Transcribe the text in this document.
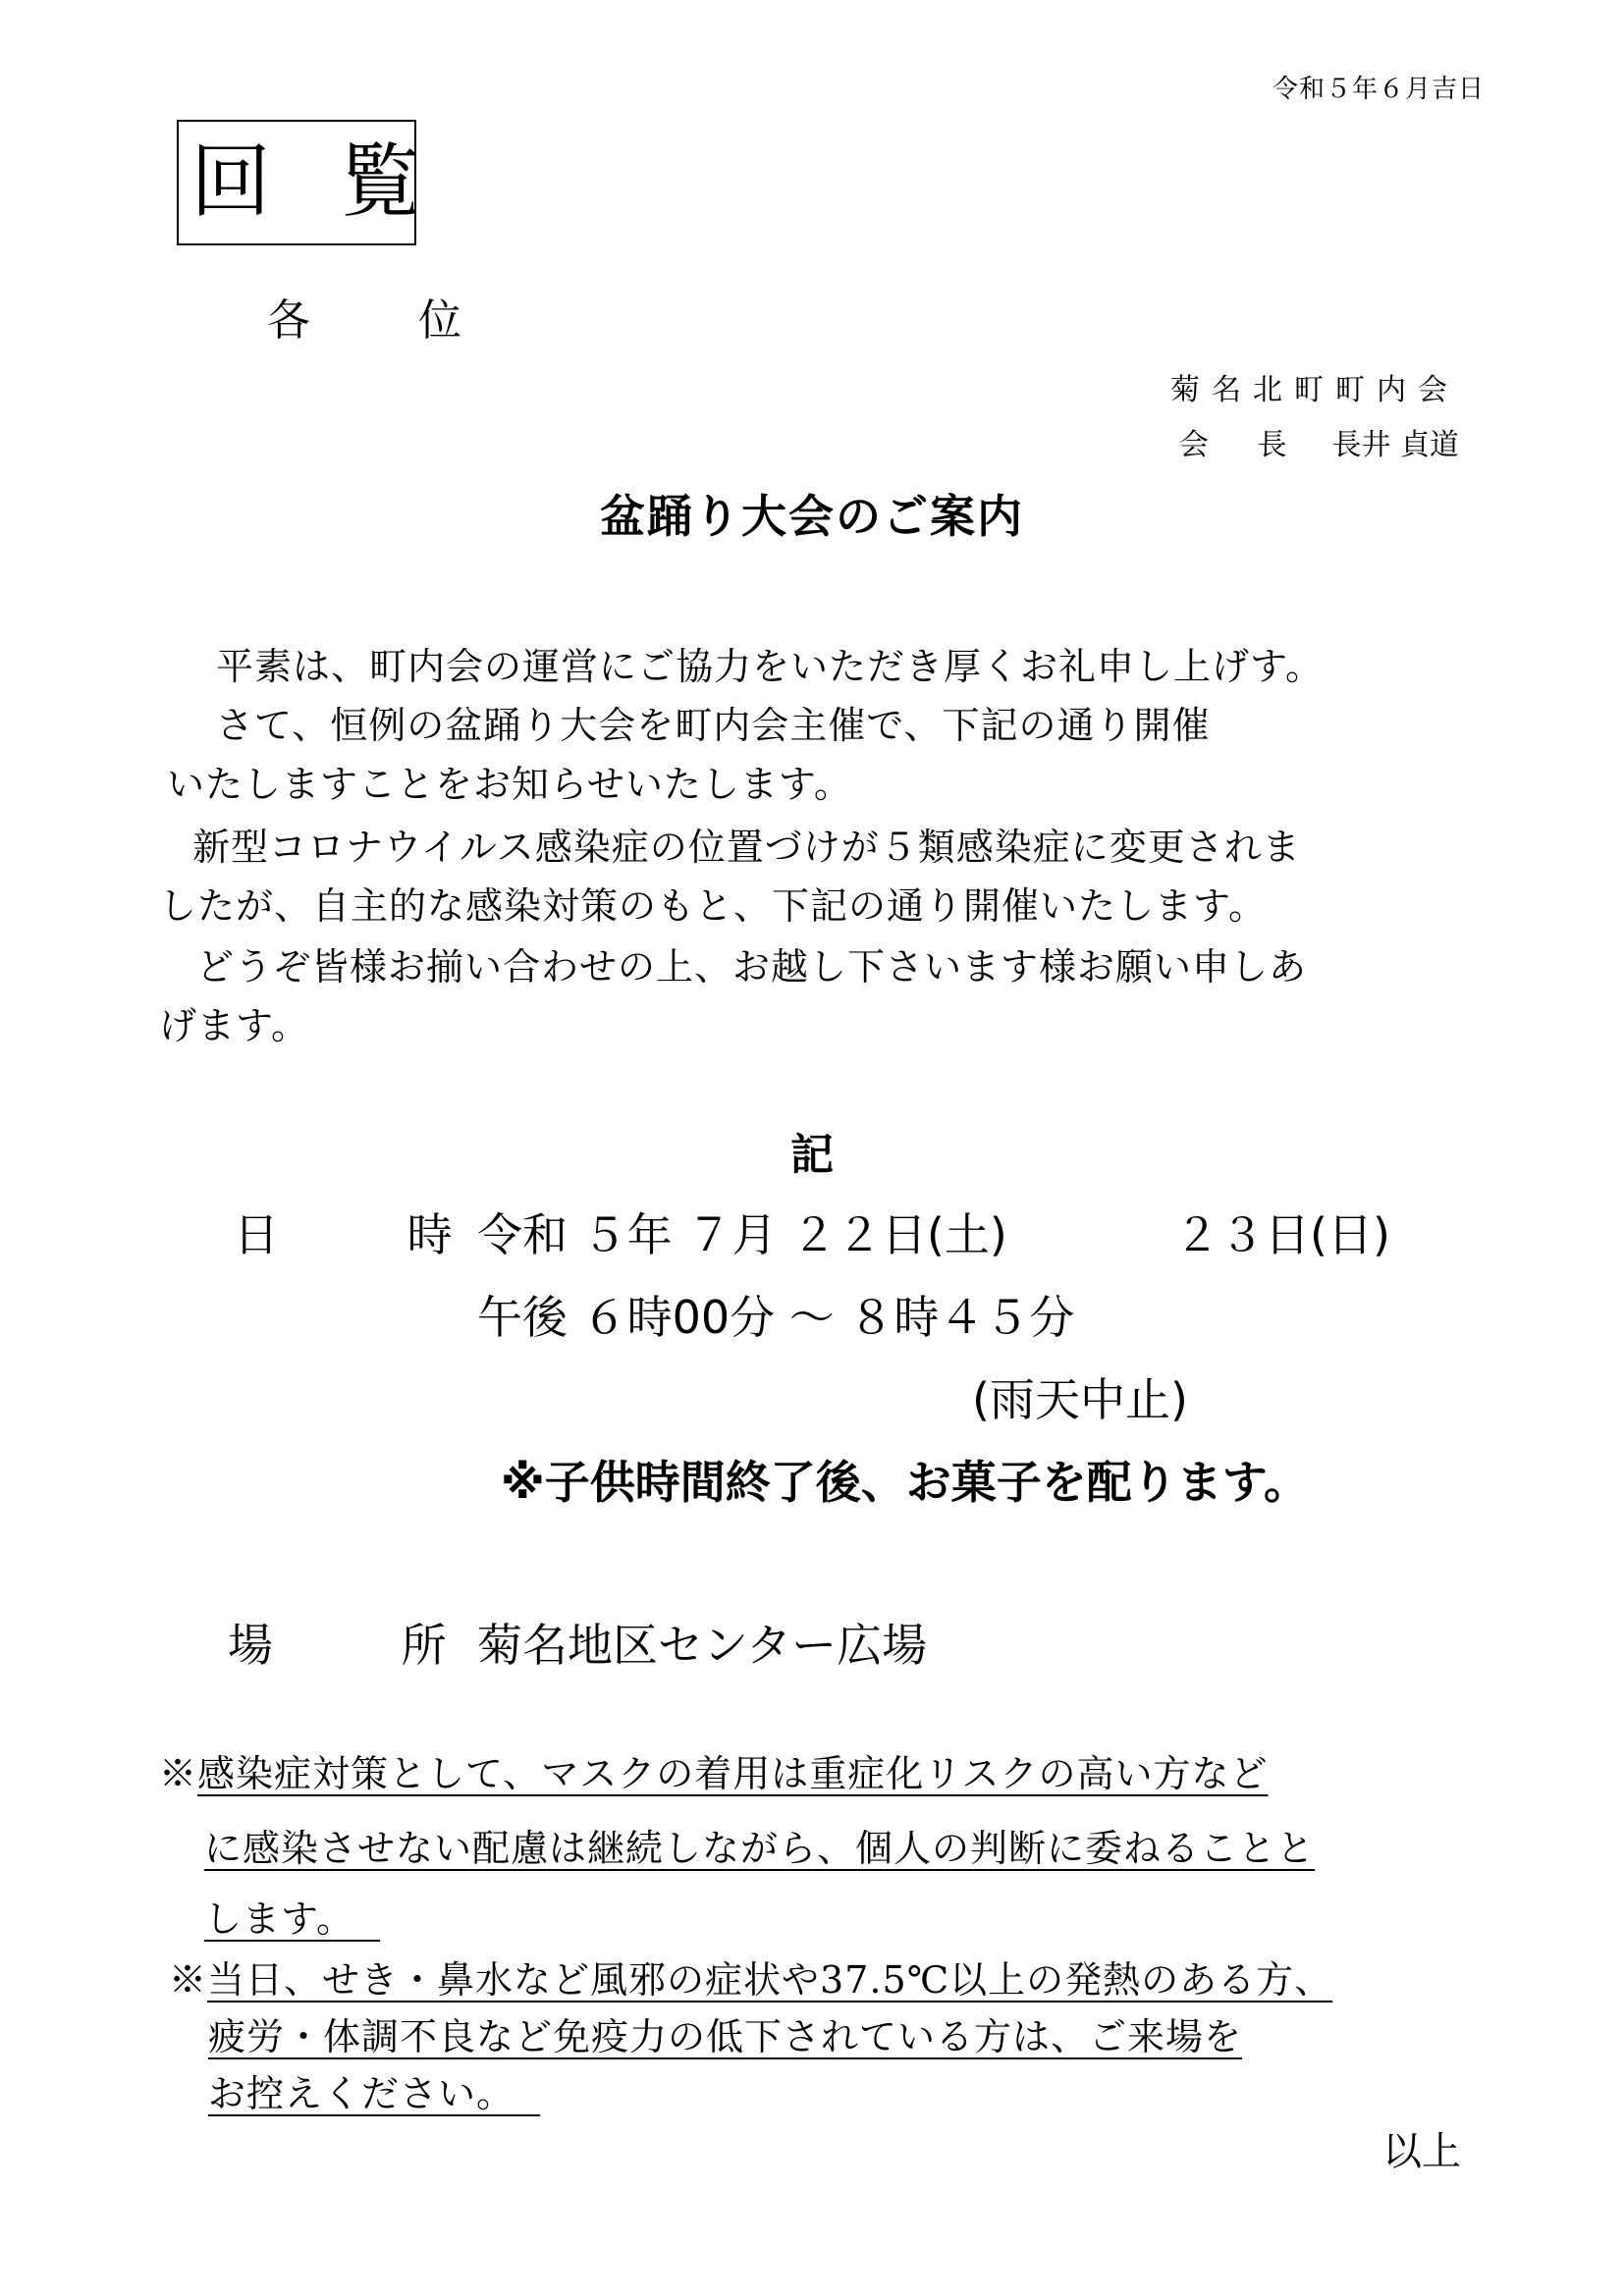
令和５年６月吉日
回 覧
各 位
菊名北町町内会
会 長 長井 貞道
盆踊り大会のご案内
平素は、町内会の運営にご協力をいただき厚くお礼申し上げす。
さて、恒例の盆踊り大会を町内会主催で、下記の通り開催
いたしますことをお知らせいたします。
新型コロナウイルス感染症の位置づけが５類感染症に変更されま
したが、自主的な感染対策のもと、下記の通り開催いたします。
どうぞ皆様お揃い合わせの上、お越し下さいます様お願い申しあ
げます。
記
日 時
令和 ５年 ７月 ２２日(土)	２３日(日)
午後 ６時00分 〜 ８時４５分
(雨天中止)
※子供時間終了後、お菓子を配ります。
場 所
菊名地区センター広場
※感染症対策として、マスクの着用は重症化リスクの高い方など
に感染させない配慮は継続しながら、個人の判断に委ねることと
します。
※当日、せき・鼻水など風邪の症状や37.5℃以上の発熱のある方、
疲労・体調不良など免疫力の低下されている方は、ご来場を
お控えください。
以上
